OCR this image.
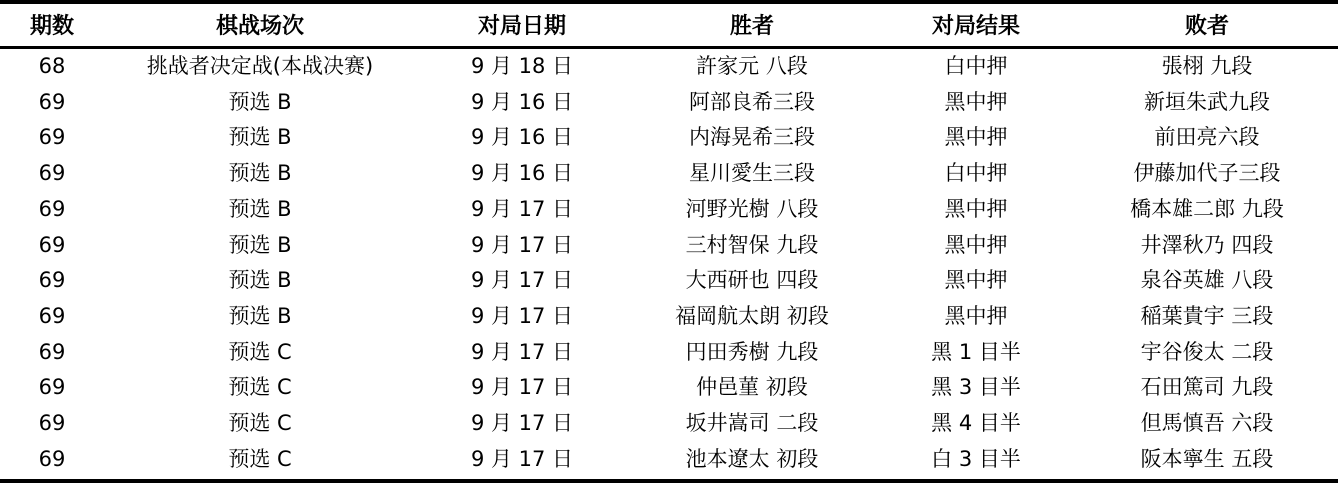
期数	棋战场次	对局日期	胜者	对局结果	败者
68	挑战者决定战(本战决赛)	9 月 18 日	許家元 八段	白中押	張栩 九段
69	预选 B	9 月 16 日	阿部良希三段	黑中押	新垣朱武九段
69	预选 B	9 月 16 日	内海晃希三段	黑中押	前田亮六段
69	预选 B	9 月 16 日	星川愛生三段	白中押	伊藤加代子三段
69	预选 B	9 月 17 日	河野光樹 八段	黑中押	橋本雄二郎 九段
69	预选 B	9 月 17 日	三村智保 九段	黑中押	井澤秋乃 四段
69	预选 B	9 月 17 日	大西研也 四段	黑中押	泉谷英雄 八段
69	预选 B	9 月 17 日	福岡航太朗 初段	黑中押	稲葉貴宇 三段
69	预选 C	9 月 17 日	円田秀樹 九段	黑 1 目半	宇谷俊太 二段
69	预选 C	9 月 17 日	仲邑菫 初段	黑 3 目半	石田篤司 九段
69	预选 C	9 月 17 日	坂井嵩司 二段	黑 4 目半	但馬慎吾 六段
69	预选 C	9 月 17 日	池本遼太 初段	白 3 目半	阪本寧生 五段
